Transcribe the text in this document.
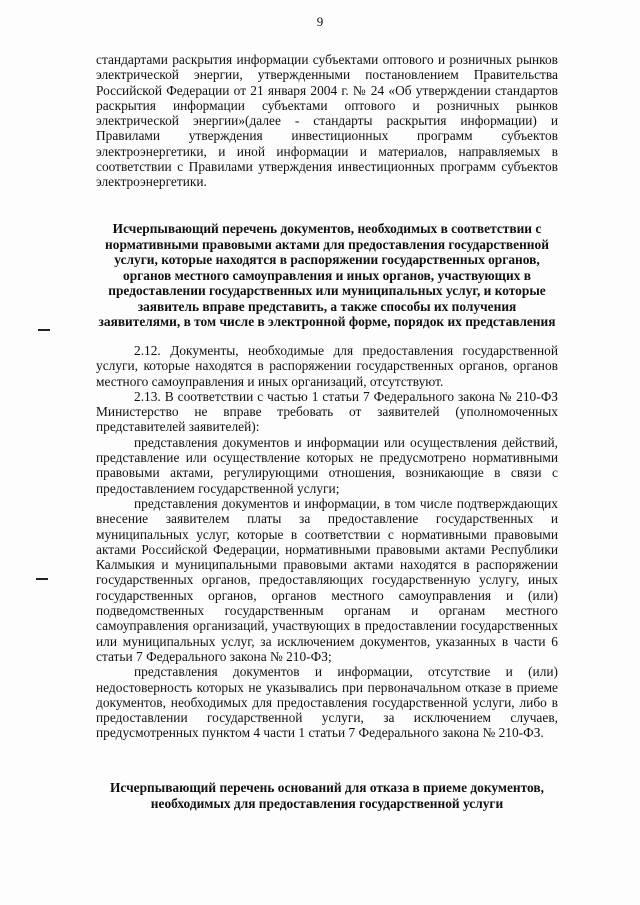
9

стандартами раскрытия информации субъектами оптового и розничных рынков электрической энергии, утвержденными постановлением Правительства Российской Федерации от 21 января 2004 г. № 24 «Об утверждении стандартов раскрытия информации субъектами оптового и розничных рынков электрической энергии»(далее - стандарты раскрытия информации) и Правилами утверждения инвестиционных программ субъектов электроэнергетики, и иной информации и материалов, направляемых в соответствии с Правилами утверждения инвестиционных программ субъектов электроэнергетики.

Исчерпывающий перечень документов, необходимых в соответствии с нормативными правовыми актами для предоставления государственной услуги, которые находятся в распоряжении государственных органов, органов местного самоуправления и иных органов, участвующих в предоставлении государственных или муниципальных услуг, и которые заявитель вправе представить, а также способы их получения заявителями, в том числе в электронной форме, порядок их представления

2.12. Документы, необходимые для предоставления государственной услуги, которые находятся в распоряжении государственных органов, органов местного самоуправления и иных организаций, отсутствуют.

2.13. В соответствии с частью 1 статьи 7 Федерального закона № 210-ФЗ Министерство не вправе требовать от заявителей (уполномоченных представителей заявителей):

представления документов и информации или осуществления действий, представление или осуществление которых не предусмотрено нормативными правовыми актами, регулирующими отношения, возникающие в связи с предоставлением государственной услуги;

представления документов и информации, в том числе подтверждающих внесение заявителем платы за предоставление государственных и муниципальных услуг, которые в соответствии с нормативными правовыми актами Российской Федерации, нормативными правовыми актами Республики Калмыкия и муниципальными правовыми актами находятся в распоряжении государственных органов, предоставляющих государственную услугу, иных государственных органов, органов местного самоуправления и (или) подведомственных государственным органам и органам местного самоуправления организаций, участвующих в предоставлении государственных или муниципальных услуг, за исключением документов, указанных в части 6 статьи 7 Федерального закона № 210-ФЗ;

представления документов и информации, отсутствие и (или) недостоверность которых не указывались при первоначальном отказе в приеме документов, необходимых для предоставления государственной услуги, либо в предоставлении государственной услуги, за исключением случаев, предусмотренных пунктом 4 части 1 статьи 7 Федерального закона № 210-ФЗ.

Исчерпывающий перечень оснований для отказа в приеме документов, необходимых для предоставления государственной услуги
